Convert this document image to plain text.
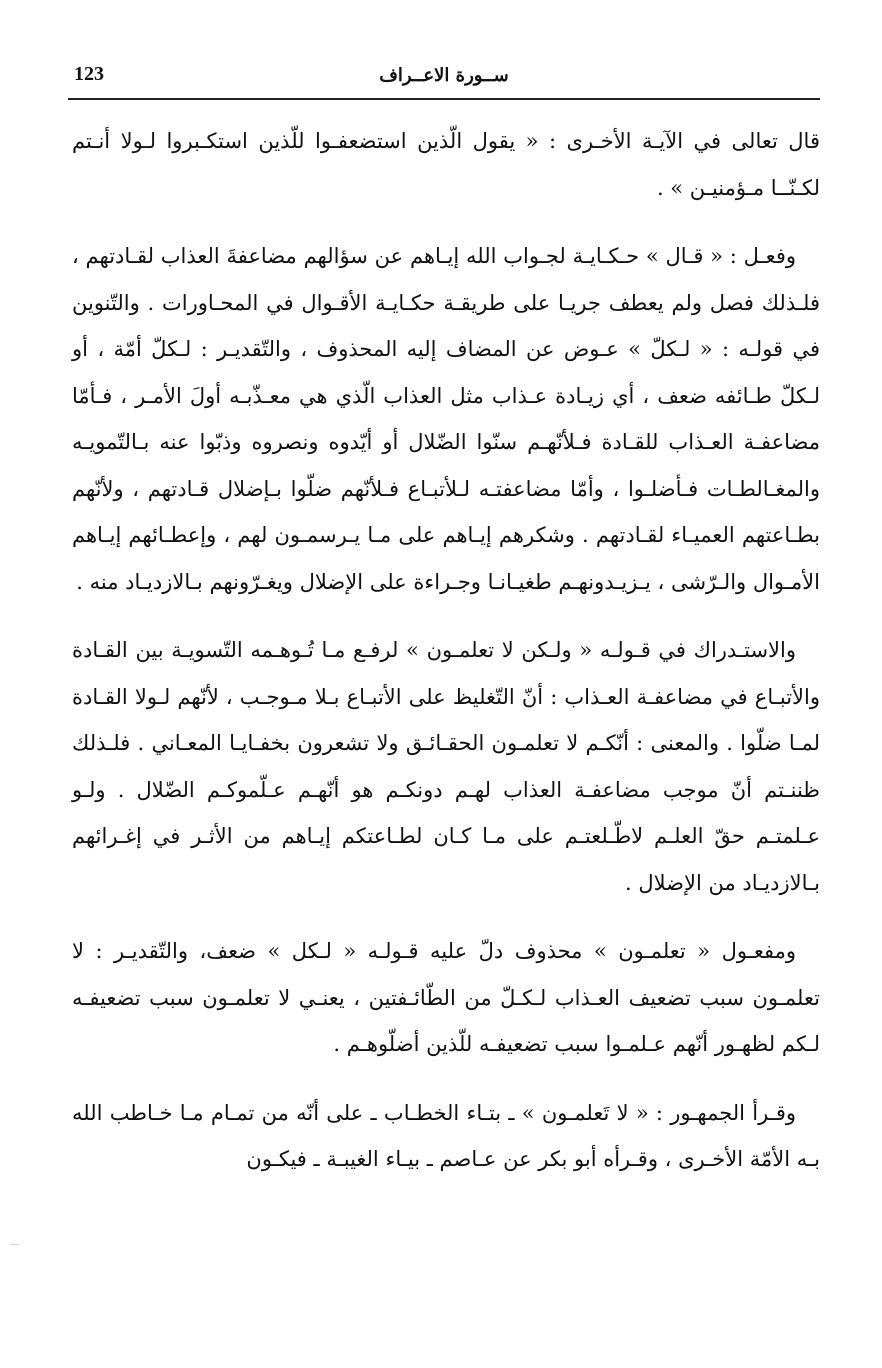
123	ســورة الاعــراف

قال تعالى في الآيـة الأخـرى : « يقول الّذين استضعفـوا للّذين استكـبروا لـولا أنـتم لكـنّــا مـؤمنيـن » .

وفعـل : « قـال » حـكـايـة لجـواب الله إيـاهم عن سؤالهم مضاعفةَ العذاب لقـادتهم ، فلـذلك فصل ولم يعطف جريـا على طريقـة حكـايـة الأقـوال في المحـاورات . والتّنوين في قولـه : « لـكلّ » عـوض عن المضاف إليه المحذوف ، والتّقديـر : لـكلّ أمّة ، أو لـكلّ طـائفه ضعف ، أي زيـادة عـذاب مثل العذاب الّذي هي معـذّبـه أولَ الأمـر ، فـأمّا مضاعفـة العـذاب للقـادة فـلأنّهـم سنّوا الضّلال أو أيّدوه ونصروه وذبّوا عنه بـالتّمويـه والمغـالطـات فـأضلـوا ، وأمّا مضاعفتـه لـلأتبـاع فـلأنّهم ضلّوا بـإضلال قـادتهم ، ولأنّهم بطـاعتهم العميـاء لقـادتهم . وشكرهم إيـاهم على مـا يـرسمـون لهم ، وإعطـائهم إيـاهم الأمـوال والـرّشى ، يـزيـدونهـم طغيـانـا وجـراءة على الإضلال ويغـرّونهم بـالازديـاد منه .

والاستـدراك في قـولـه « ولـكن لا تعلمـون » لرفـع مـا تُـوهـمه التّسويـة بين القـادة والأتبـاع في مضاعفـة العـذاب : أنّ التّغليظ على الأتبـاع بـلا مـوجـب ، لأنّهم لـولا القـادة لمـا ضلّوا . والمعنى : أنّكـم لا تعلمـون الحقـائـق ولا تشعرون بخفـايـا المعـاني . فلـذلك ظننـتم أنّ موجب مضاعفـة العذاب لهـم دونكـم هو أنّهـم عـلّموكـم الضّلال . ولـو عـلمتـم حقّ العلـم لاطّـلعتـم على مـا كـان لطـاعتكم إيـاهم من الأثـر في إغـرائهم بـالازديـاد من الإضلال .

ومفعـول « تعلمـون » محذوف دلّ عليه قـولـه « لـكل » ضعف، والتّقديـر : لا تعلمـون سبب تضعيف العـذاب لـكـلّ من الطّائـفتين ، يعنـي لا تعلمـون سبب تضعيفـه لـكم لظهـور أنّهم عـلمـوا سبب تضعيفـه للّذين أضلّوهـم .

وقـرأ الجمهـور : « لا تَعلمـون » ـ بتـاء الخطـاب ـ على أنّه من تمـام مـا خـاطب الله بـه الأمّة الأخـرى ، وقـرأه أبو بكر عن عـاصم ـ بيـاء الغيبـة ـ فيكـون
